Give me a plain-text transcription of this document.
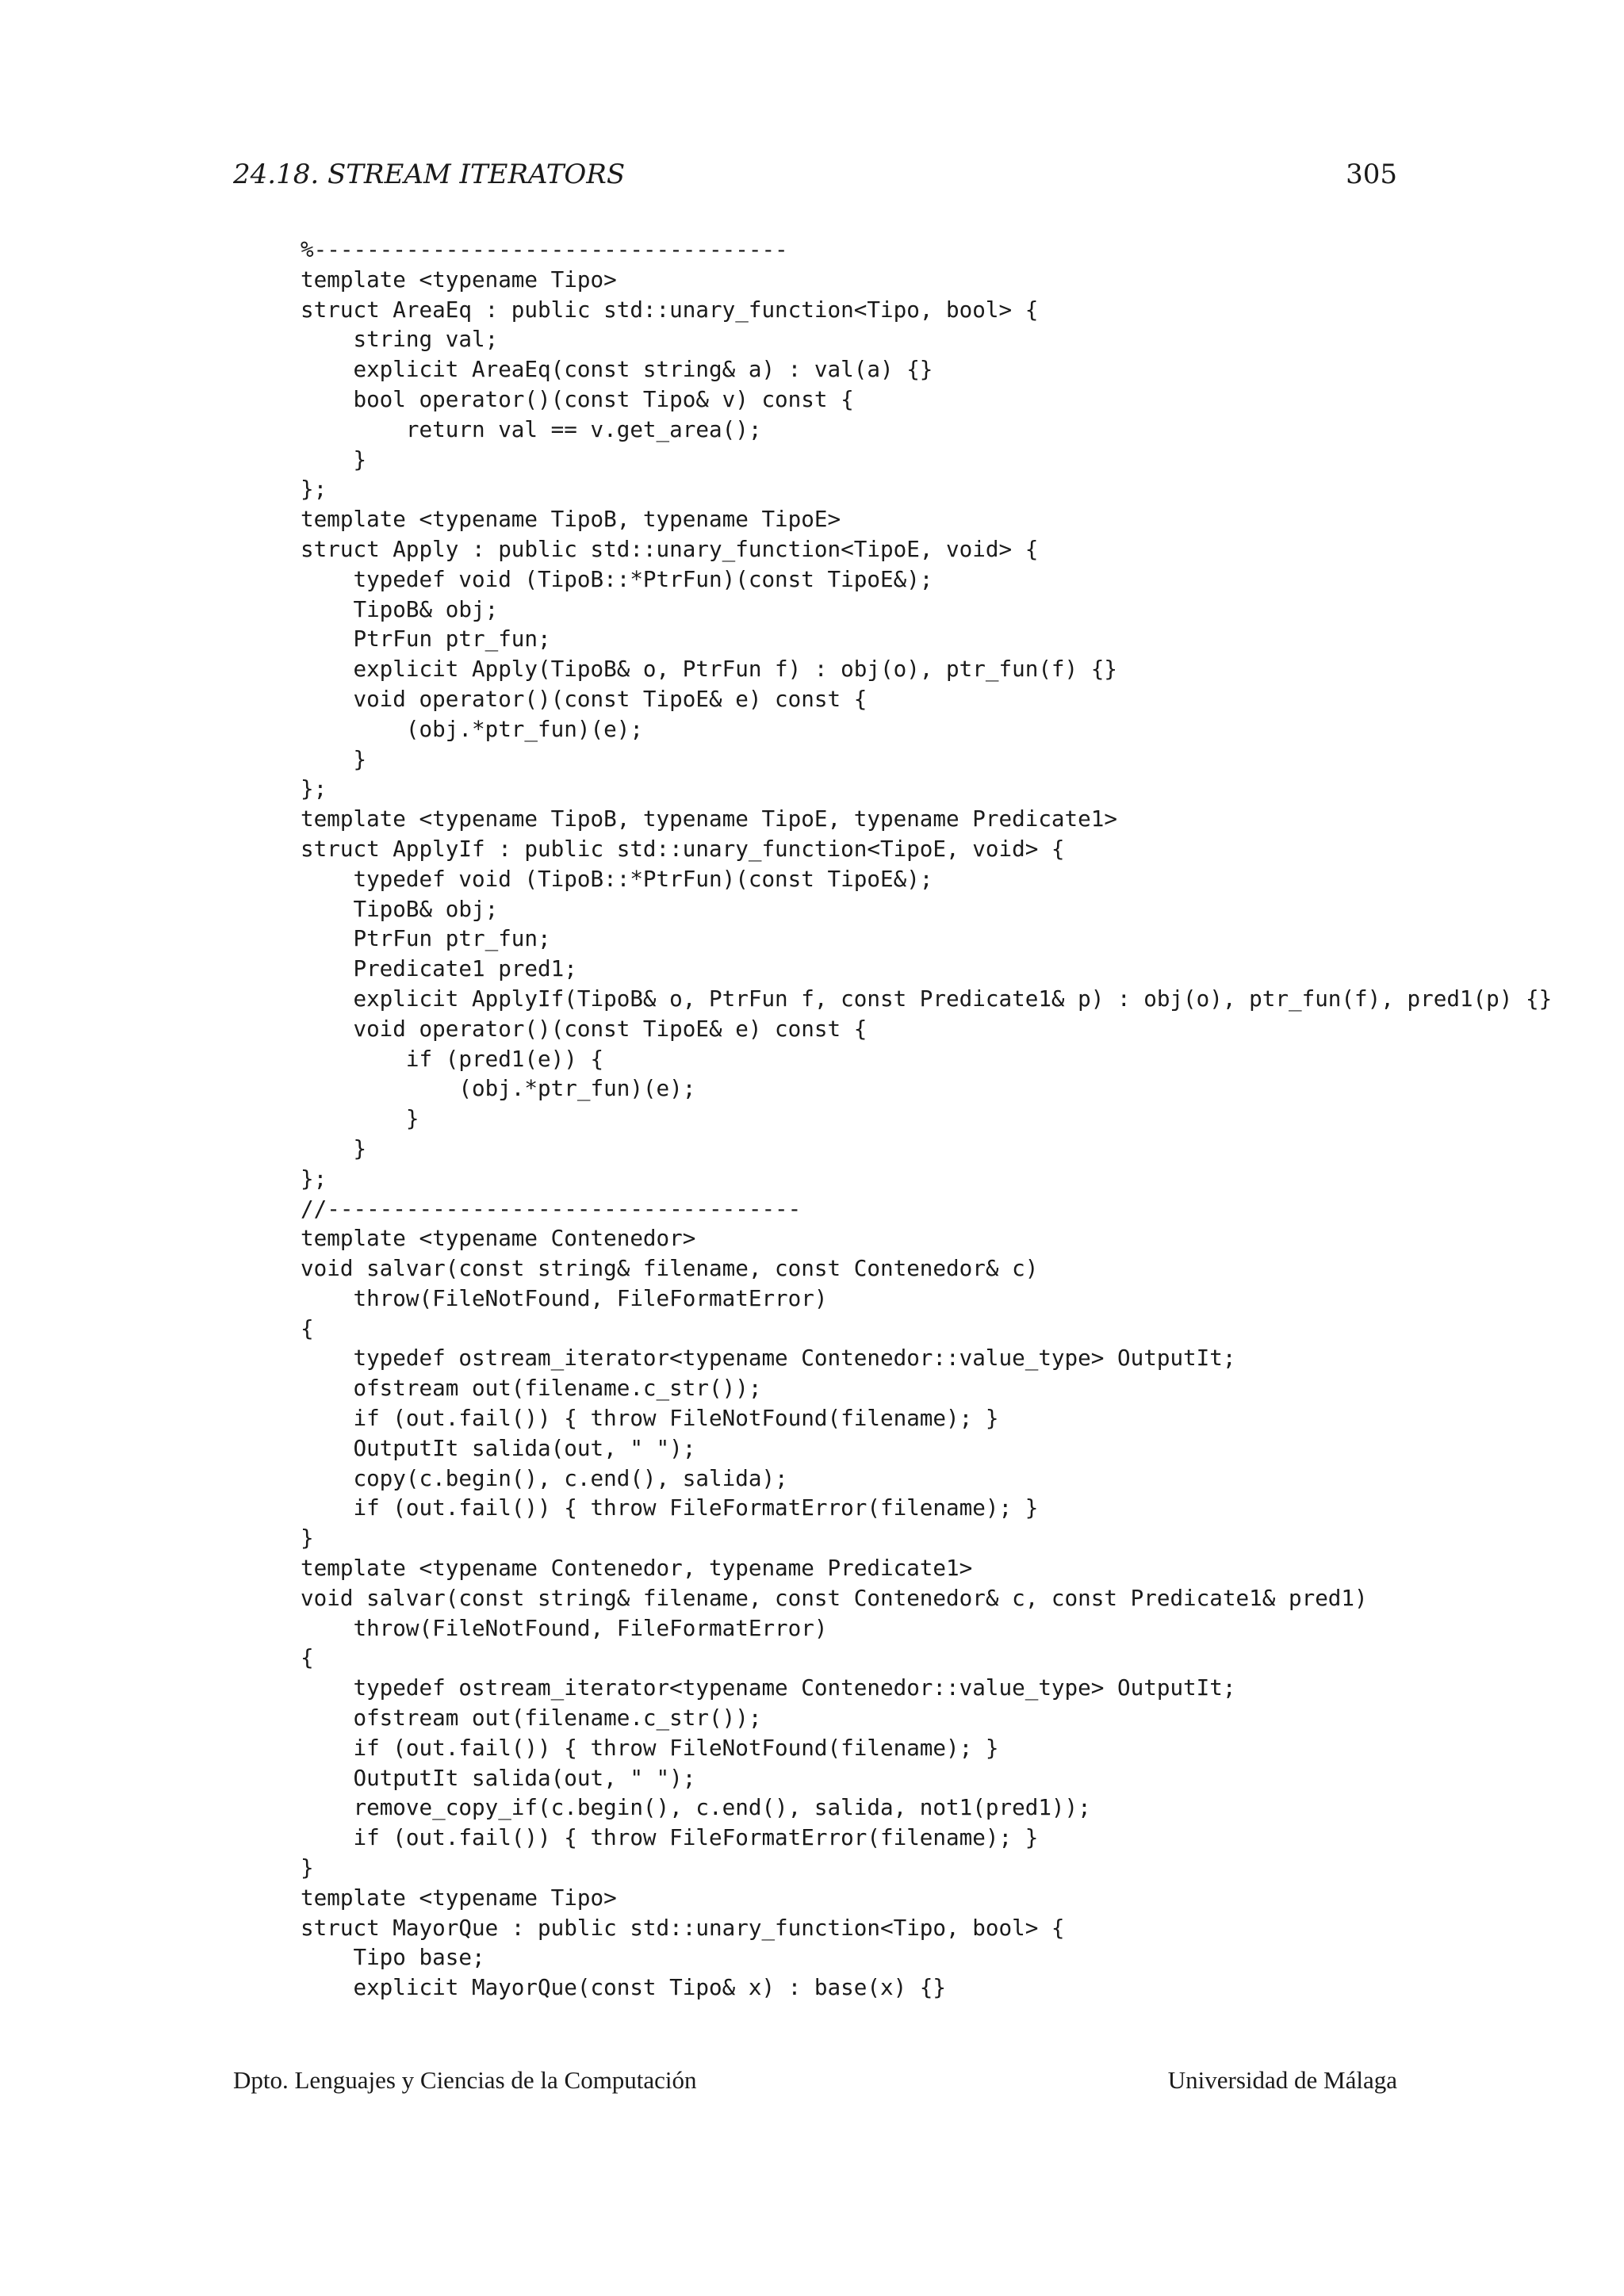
24.18. STREAM ITERATORS	305
%------------------------------------
template <typename Tipo>
struct AreaEq : public std::unary_function<Tipo, bool> {
string val;
explicit AreaEq(const string& a) : val(a) {}
bool operator()(const Tipo& v) const {
return val == v.get_area();
}
};
template <typename TipoB, typename TipoE>
struct Apply : public std::unary_function<TipoE, void> {
typedef void (TipoB::*PtrFun)(const TipoE&);
TipoB& obj;
PtrFun ptr_fun;
explicit Apply(TipoB& o, PtrFun f) : obj(o), ptr_fun(f) {}
void operator()(const TipoE& e) const {
(obj.*ptr_fun)(e);
}
};
template <typename TipoB, typename TipoE, typename Predicate1>
struct ApplyIf : public std::unary_function<TipoE, void> {
typedef void (TipoB::*PtrFun)(const TipoE&);
TipoB& obj;
PtrFun ptr_fun;
Predicate1 pred1;
explicit ApplyIf(TipoB& o, PtrFun f, const Predicate1& p) : obj(o), ptr_fun(f), pred1(p) {}
void operator()(const TipoE& e) const {
if (pred1(e)) {
(obj.*ptr_fun)(e);
}
}
};
//------------------------------------
template <typename Contenedor>
void salvar(const string& filename, const Contenedor& c)
throw(FileNotFound, FileFormatError)
{
typedef ostream_iterator<typename Contenedor::value_type> OutputIt;
ofstream out(filename.c_str());
if (out.fail()) { throw FileNotFound(filename); }
OutputIt salida(out, " ");
copy(c.begin(), c.end(), salida);
if (out.fail()) { throw FileFormatError(filename); }
}
template <typename Contenedor, typename Predicate1>
void salvar(const string& filename, const Contenedor& c, const Predicate1& pred1)
throw(FileNotFound, FileFormatError)
{
typedef ostream_iterator<typename Contenedor::value_type> OutputIt;
ofstream out(filename.c_str());
if (out.fail()) { throw FileNotFound(filename); }
OutputIt salida(out, " ");
remove_copy_if(c.begin(), c.end(), salida, not1(pred1));
if (out.fail()) { throw FileFormatError(filename); }
}
template <typename Tipo>
struct MayorQue : public std::unary_function<Tipo, bool> {
Tipo base;
explicit MayorQue(const Tipo& x) : base(x) {}
Dpto. Lenguajes y Ciencias de la Computación	Universidad de Málaga
